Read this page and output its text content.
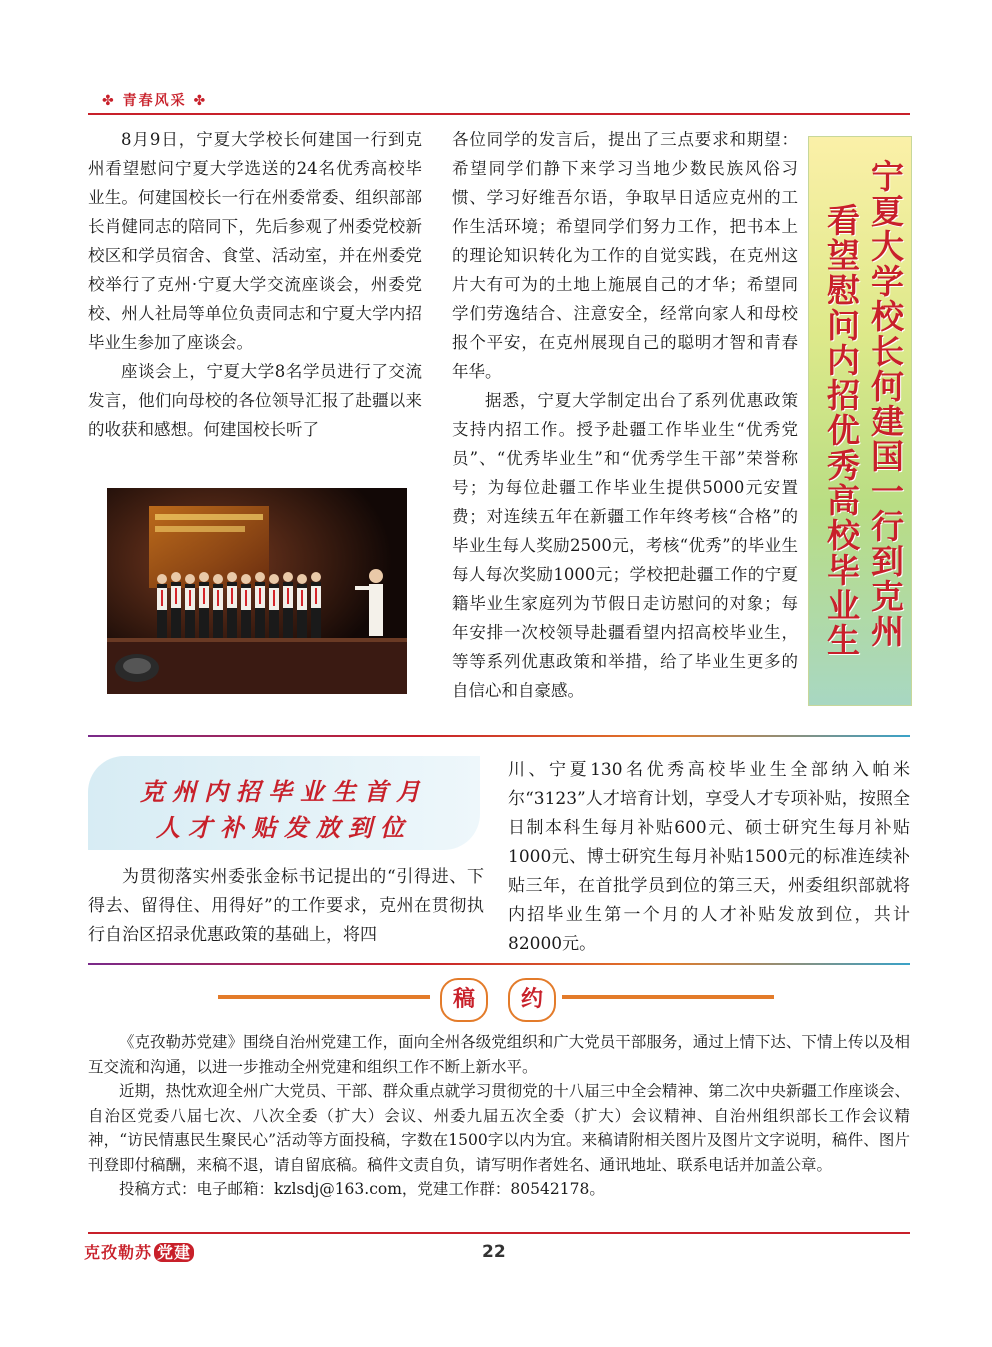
✤ 青春风采 ✤

8月9日，宁夏大学校长何建国一行到克州看望慰问宁夏大学选送的24名优秀高校毕业生。何建国校长一行在州委常委、组织部部长肖健同志的陪同下，先后参观了州委党校新校区和学员宿舍、食堂、活动室，并在州委党校举行了克州·宁夏大学交流座谈会，州委党校、州人社局等单位负责同志和宁夏大学内招毕业生参加了座谈会。

座谈会上，宁夏大学8名学员进行了交流发言，他们向母校的各位领导汇报了赴疆以来的收获和感想。何建国校长听了

各位同学的发言后，提出了三点要求和期望：希望同学们静下来学习当地少数民族风俗习惯、学习好维吾尔语，争取早日适应克州的工作生活环境；希望同学们努力工作，把书本上的理论知识转化为工作的自觉实践，在克州这片大有可为的土地上施展自己的才华；希望同学们劳逸结合、注意安全，经常向家人和母校报个平安，在克州展现自己的聪明才智和青春年华。

据悉，宁夏大学制定出台了系列优惠政策支持内招工作。授予赴疆工作毕业生“优秀党员”、“优秀毕业生”和“优秀学生干部”荣誉称号；为每位赴疆工作毕业生提供5000元安置费；对连续五年在新疆工作年终考核“合格”的毕业生每人奖励2500元，考核“优秀”的毕业生每人每次奖励1000元；学校把赴疆工作的宁夏籍毕业生家庭列为节假日走访慰问的对象；每年安排一次校领导赴疆看望内招高校毕业生，等等系列优惠政策和举措，给了毕业生更多的自信心和自豪感。

宁夏大学校长何建国一行到克州
看望慰问内招优秀高校毕业生
克州内招毕业生首月
人才补贴发放到位

为贯彻落实州委张金标书记提出的“引得进、下得去、留得住、用得好”的工作要求，克州在贯彻执行自治区招录优惠政策的基础上，将四

川、宁夏130名优秀高校毕业生全部纳入帕米尔“3123”人才培育计划，享受人才专项补贴，按照全日制本科生每月补贴600元、硕士研究生每月补贴1000元、博士研究生每月补贴1500元的标准连续补贴三年，在首批学员到位的第三天，州委组织部就将内招毕业生第一个月的人才补贴发放到位，共计82000元。

稿	约

《克孜勒苏党建》围绕自治州党建工作，面向全州各级党组织和广大党员干部服务，通过上情下达、下情上传以及相互交流和沟通，以进一步推动全州党建和组织工作不断上新水平。

近期，热忱欢迎全州广大党员、干部、群众重点就学习贯彻党的十八届三中全会精神、第二次中央新疆工作座谈会、自治区党委八届七次、八次全委（扩大）会议、州委九届五次全委（扩大）会议精神、自治州组织部长工作会议精神，“访民情惠民生聚民心”活动等方面投稿，字数在1500字以内为宜。来稿请附相关图片及图片文字说明，稿件、图片刊登即付稿酬，来稿不退，请自留底稿。稿件文责自负，请写明作者姓名、通讯地址、联系电话并加盖公章。

投稿方式：电子邮箱：kzlsdj@163.com，党建工作群：80542178。

克孜勒苏 党建	22
